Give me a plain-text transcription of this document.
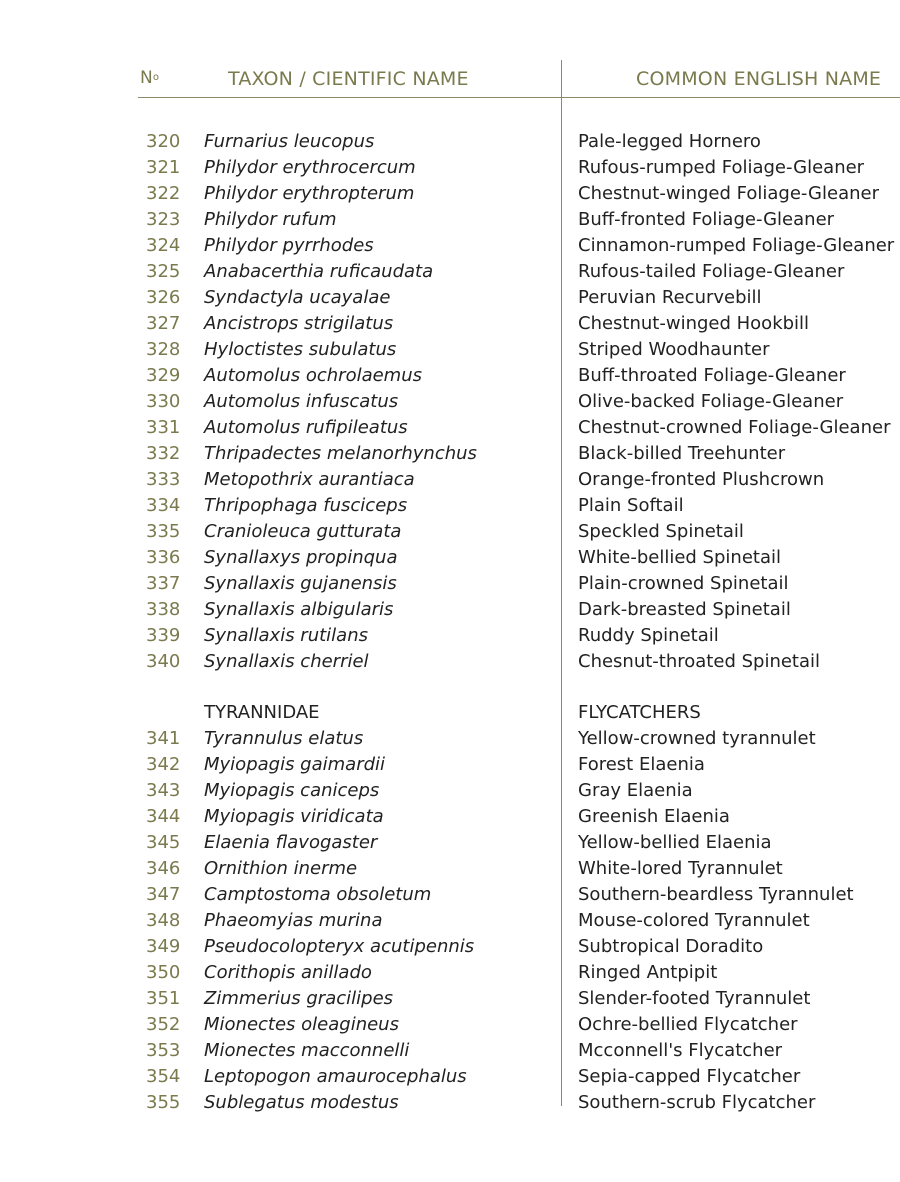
$N^o$	TAXON / CIENTIFIC NAME	COMMON ENGLISH NAME
320 Furnarius leucopus	Pale-legged Hornero
321 Philydor erythrocercum	Rufous-rumped Foliage-Gleaner
322 Philydor erythropterum	Chestnut-winged Foliage-Gleaner
323 Philydor rufum	Buff-fronted Foliage-Gleaner
324 Philydor pyrrhodes	Cinnamon-rumped Foliage-Gleaner
325 Anabacerthia ruficaudata	Rufous-tailed Foliage-Gleaner
326 Syndactyla ucayalae	Peruvian Recurvebill
327 Ancistrops strigilatus	Chestnut-winged Hookbill
328 Hyloctistes subulatus	Striped Woodhaunter
329 Automolus ochrolaemus	Buff-throated Foliage-Gleaner
330 Automolus infuscatus	Olive-backed Foliage-Gleaner
331 Automolus rufipileatus	Chestnut-crowned Foliage-Gleaner
332 Thripadectes melanorhynchus	Black-billed Treehunter
333 Metopothrix aurantiaca	Orange-fronted Plushcrown
334 Thripophaga fusciceps	Plain Softail
335 Cranioleuca gutturata	Speckled Spinetail
336 Synallaxys propinqua	White-bellied Spinetail
337 Synallaxis gujanensis	Plain-crowned Spinetail
338 Synallaxis albigularis	Dark-breasted Spinetail
339 Synallaxis rutilans	Ruddy Spinetail
340 Synallaxis cherriel	Chesnut-throated Spinetail
TYRANNIDAE	FLYCATCHERS
341 Tyrannulus elatus	Yellow-crowned tyrannulet
342 Myiopagis gaimardii	Forest Elaenia
343 Myiopagis caniceps	Gray Elaenia
344 Myiopagis viridicata	Greenish Elaenia
345 Elaenia flavogaster	Yellow-bellied Elaenia
346 Ornithion inerme	White-lored Tyrannulet
347 Camptostoma obsoletum	Southern-beardless Tyrannulet
348 Phaeomyias murina	Mouse-colored Tyrannulet
349 Pseudocolopteryx acutipennis	Subtropical Doradito
350 Corithopis anillado	Ringed Antpipit
351 Zimmerius gracilipes	Slender-footed Tyrannulet
352 Mionectes oleagineus	Ochre-bellied Flycatcher
353 Mionectes macconnelli	Mcconnell's Flycatcher
354 Leptopogon amaurocephalus	Sepia-capped Flycatcher
355 Sublegatus modestus	Southern-scrub Flycatcher
